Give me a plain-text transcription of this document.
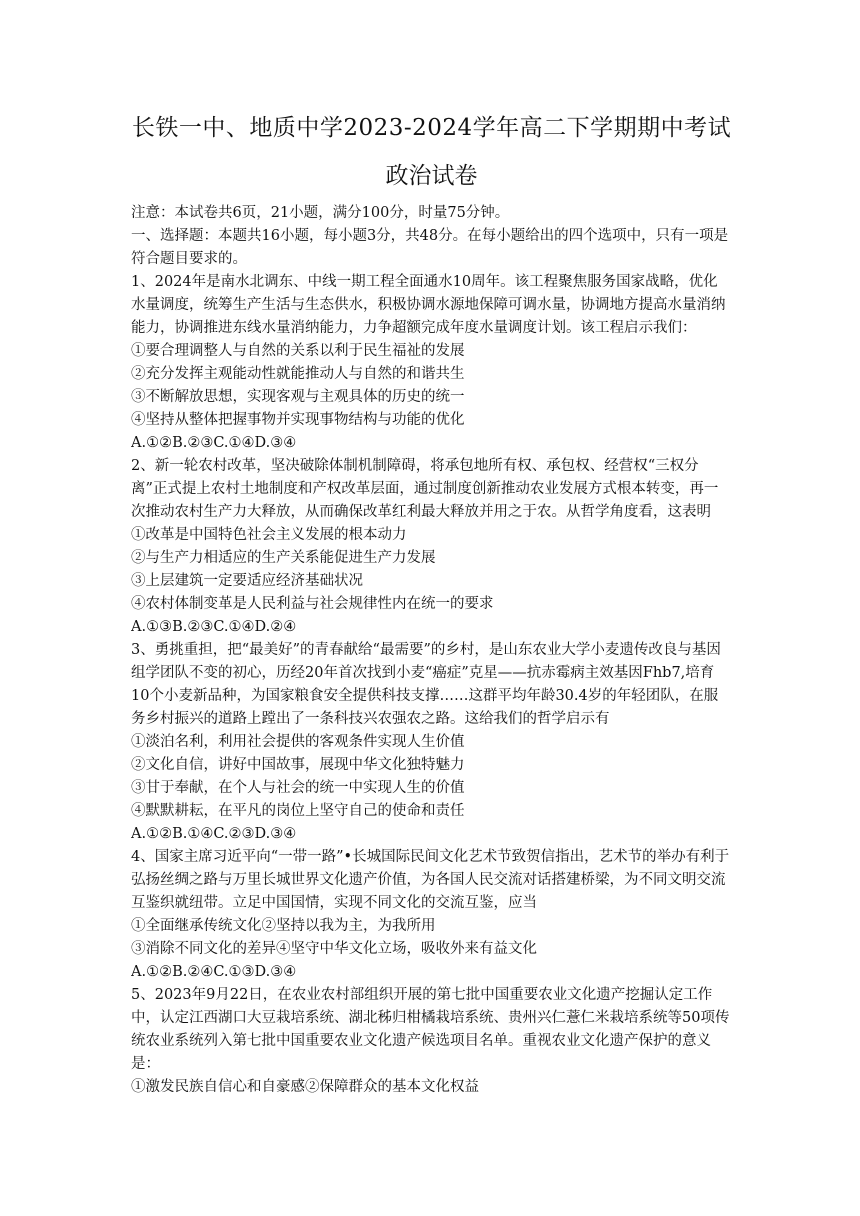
长铁一中、地质中学2023-2024学年高二下学期期中考试
政治试卷
注意：本试卷共6页，21小题，满分100分，时量75分钟。
一、选择题：本题共16小题，每小题3分，共48分。在每小题给出的四个选项中，只有一项是符合题目要求的。
1、2024年是南水北调东、中线一期工程全面通水10周年。该工程聚焦服务国家战略，优化水量调度，统筹生产生活与生态供水，积极协调水源地保障可调水量，协调地方提高水量消纳能力，协调推进东线水量消纳能力，力争超额完成年度水量调度计划。该工程启示我们：
①要合理调整人与自然的关系以利于民生福祉的发展
②充分发挥主观能动性就能推动人与自然的和谐共生
③不断解放思想，实现客观与主观具体的历史的统一
④坚持从整体把握事物并实现事物结构与功能的优化
A.①②B.②③C.①④D.③④
2、新一轮农村改革，坚决破除体制机制障碍，将承包地所有权、承包权、经营权“三权分离”正式提上农村土地制度和产权改革层面，通过制度创新推动农业发展方式根本转变，再一次推动农村生产力大释放，从而确保改革红利最大释放并用之于农。从哲学角度看，这表明
①改革是中国特色社会主义发展的根本动力
②与生产力相适应的生产关系能促进生产力发展
③上层建筑一定要适应经济基础状况
④农村体制变革是人民利益与社会规律性内在统一的要求
A.①③B.②③C.①④D.②④
3、勇挑重担，把“最美好”的青春献给“最需要”的乡村，是山东农业大学小麦遗传改良与基因组学团队不变的初心，历经20年首次找到小麦“癌症”克星——抗赤霉病主效基因Fhb7,培育10个小麦新品种，为国家粮食安全提供科技支撑……这群平均年龄30.4岁的年轻团队，在服务乡村振兴的道路上蹚出了一条科技兴农强农之路。这给我们的哲学启示有
①淡泊名利，利用社会提供的客观条件实现人生价值
②文化自信，讲好中国故事，展现中华文化独特魅力
③甘于奉献，在个人与社会的统一中实现人生的价值
④默默耕耘，在平凡的岗位上坚守自己的使命和责任
A.①②B.①④C.②③D.③④
4、国家主席习近平向“一带一路”•长城国际民间文化艺术节致贺信指出，艺术节的举办有利于弘扬丝绸之路与万里长城世界文化遗产价值，为各国人民交流对话搭建桥梁，为不同文明交流互鉴织就纽带。立足中国国情，实现不同文化的交流互鉴，应当
①全面继承传统文化②坚持以我为主，为我所用
③消除不同文化的差异④坚守中华文化立场，吸收外来有益文化
A.①②B.②④C.①③D.③④
5、2023年9月22日，在农业农村部组织开展的第七批中国重要农业文化遗产挖掘认定工作中，认定江西湖口大豆栽培系统、湖北秭归柑橘栽培系统、贵州兴仁薏仁米栽培系统等50项传统农业系统列入第七批中国重要农业文化遗产候选项目名单。重视农业文化遗产保护的意义是：
①激发民族自信心和自豪感②保障群众的基本文化权益
